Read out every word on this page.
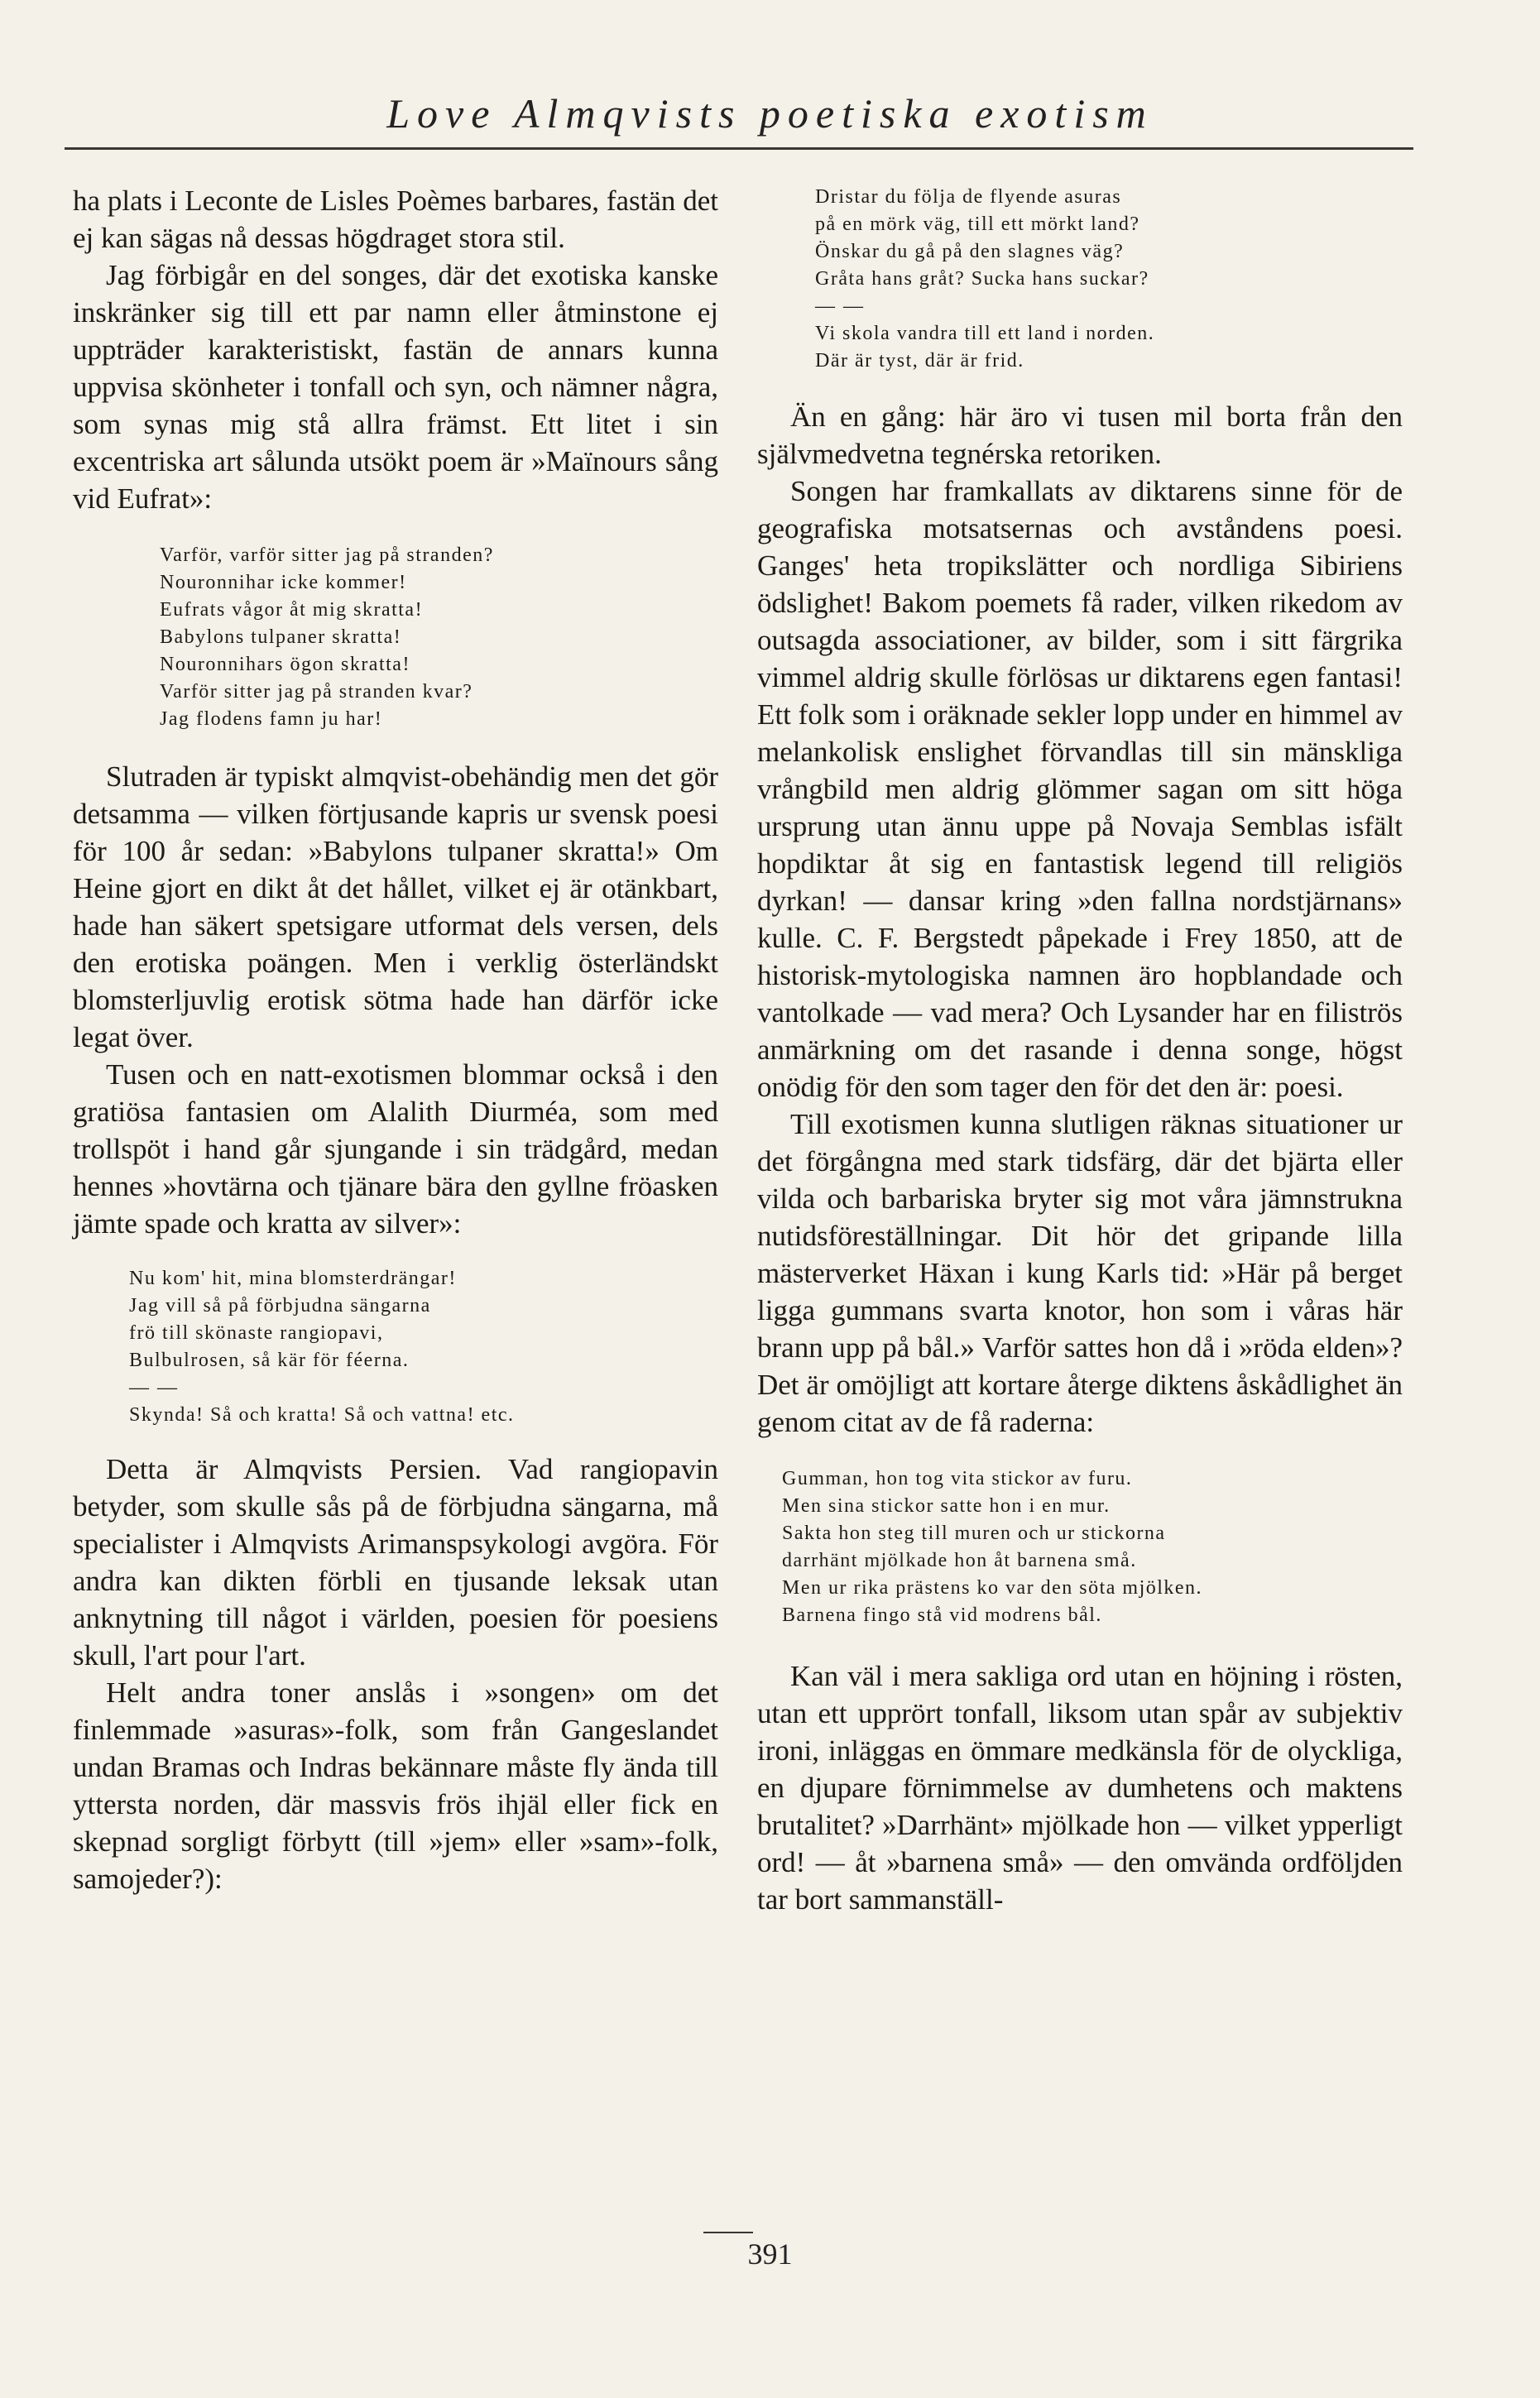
Love Almqvists poetiska exotism

ha plats i Leconte de Lisles Poèmes barbares, fastän det ej kan sägas nå dessas högdraget stora stil.

Jag förbigår en del songes, där det exotiska kanske inskränker sig till ett par namn eller åtminstone ej uppträder karakteristiskt, fastän de annars kunna uppvisa skönheter i tonfall och syn, och nämner några, som synas mig stå allra främst. Ett litet i sin excentriska art sålunda utsökt poem är »Maïnours sång vid Eufrat»:

Varför, varför sitter jag på stranden?
Nouronnihar icke kommer!
Eufrats vågor åt mig skratta!
Babylons tulpaner skratta!
Nouronnihars ögon skratta!
Varför sitter jag på stranden kvar?
Jag flodens famn ju har!

Slutraden är typiskt almqvist-obehändig men det gör detsamma — vilken förtjusande kapris ur svensk poesi för 100 år sedan: »Babylons tulpaner skratta!» Om Heine gjort en dikt åt det hållet, vilket ej är otänkbart, hade han säkert spetsigare utformat dels versen, dels den erotiska poängen. Men i verklig österländskt blomsterljuvlig erotisk sötma hade han därför icke legat över.

Tusen och en natt-exotismen blommar också i den gratiösa fantasien om Alalith Diurméa, som med trollspöt i hand går sjungande i sin trädgård, medan hennes »hovtärna och tjänare bära den gyllne fröasken jämte spade och kratta av silver»:

Nu kom' hit, mina blomsterdrängar!
Jag vill så på förbjudna sängarna
frö till skönaste rangiopavi,
Bulbulrosen, så kär för féerna.
— —
Skynda! Så och kratta! Så och vattna! etc.

Detta är Almqvists Persien. Vad rangiopavin betyder, som skulle sås på de förbjudna sängarna, må specialister i Almqvists Arimanspsykologi avgöra. För andra kan dikten förbli en tjusande leksak utan anknytning till något i världen, poesien för poesiens skull, l'art pour l'art.

Helt andra toner anslås i »songen» om det finlemmade »asuras»-folk, som från Gangeslandet undan Bramas och Indras bekännare måste fly ända till yttersta norden, där massvis frös ihjäl eller fick en skepnad sorgligt förbytt (till »jem» eller »sam»-folk, samojeder?):

Dristar du följa de flyende asuras
på en mörk väg, till ett mörkt land?
Önskar du gå på den slagnes väg?
Gråta hans gråt? Sucka hans suckar?
— —
Vi skola vandra till ett land i norden.
Där är tyst, där är frid.

Än en gång: här äro vi tusen mil borta från den självmedvetna tegnérska retoriken.

Songen har framkallats av diktarens sinne för de geografiska motsatsernas och avståndens poesi. Ganges' heta tropikslätter och nordliga Sibiriens ödslighet! Bakom poemets få rader, vilken rikedom av outsagda associationer, av bilder, som i sitt färgrika vimmel aldrig skulle förlösas ur diktarens egen fantasi! Ett folk som i oräknade sekler lopp under en himmel av melankolisk enslighet förvandlas till sin mänskliga vrångbild men aldrig glömmer sagan om sitt höga ursprung utan ännu uppe på Novaja Semblas isfält hopdiktar åt sig en fantastisk legend till religiös dyrkan! — dansar kring »den fallna nordstjärnans» kulle. C. F. Bergstedt påpekade i Frey 1850, att de historisk-mytologiska namnen äro hopblandade och vantolkade — vad mera? Och Lysander har en filiströs anmärkning om det rasande i denna songe, högst onödig för den som tager den för det den är: poesi.

Till exotismen kunna slutligen räknas situationer ur det förgångna med stark tidsfärg, där det bjärta eller vilda och barbariska bryter sig mot våra jämnstrukna nutidsföreställningar. Dit hör det gripande lilla mästerverket Häxan i kung Karls tid: »Här på berget ligga gummans svarta knotor, hon som i våras här brann upp på bål.» Varför sattes hon då i »röda elden»? Det är omöjligt att kortare återge diktens åskådlighet än genom citat av de få raderna:

Gumman, hon tog vita stickor av furu.
Men sina stickor satte hon i en mur.
Sakta hon steg till muren och ur stickorna
darrhänt mjölkade hon åt barnena små.
Men ur rika prästens ko var den söta mjölken.
Barnena fingo stå vid modrens bål.

Kan väl i mera sakliga ord utan en höjning i rösten, utan ett upprört tonfall, liksom utan spår av subjektiv ironi, inläggas en ömmare medkänsla för de olyckliga, en djupare förnimmelse av dumhetens och maktens brutalitet? »Darrhänt» mjölkade hon — vilket ypperligt ord! — åt »barnena små» — den omvända ordföljden tar bort sammanställ-

391
